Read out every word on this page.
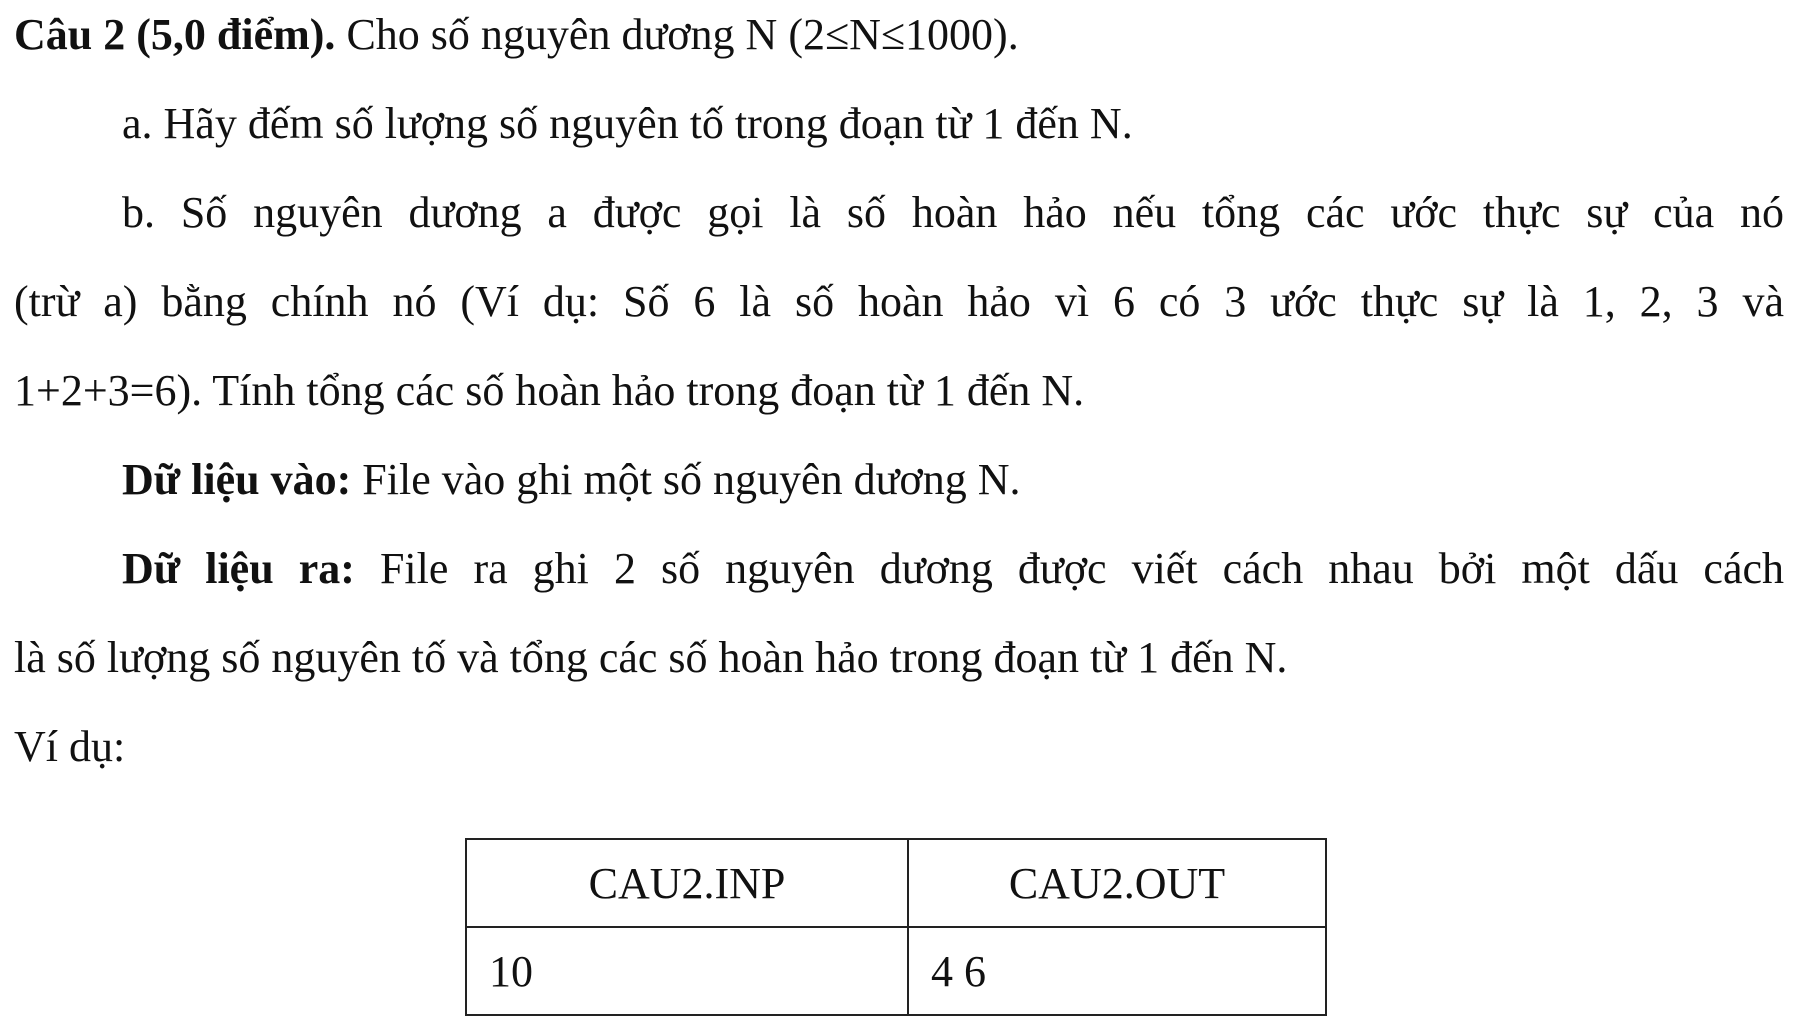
Câu 2 (5,0 điểm). Cho số nguyên dương N (2≤N≤1000).
a. Hãy đếm số lượng số nguyên tố trong đoạn từ 1 đến N.
b. Số nguyên dương a được gọi là số hoàn hảo nếu tổng các ước thực sự của nó
(trừ a) bằng chính nó (Ví dụ: Số 6 là số hoàn hảo vì 6 có 3 ước thực sự là 1, 2, 3 và
1+2+3=6). Tính tổng các số hoàn hảo trong đoạn từ 1 đến N.
Dữ liệu vào: File vào ghi một số nguyên dương N.
Dữ liệu ra: File ra ghi 2 số nguyên dương được viết cách nhau bởi một dấu cách
là số lượng số nguyên tố và tổng các số hoàn hảo trong đoạn từ 1 đến N.
Ví dụ:
CAU2.INP	CAU2.OUT
10	4 6
